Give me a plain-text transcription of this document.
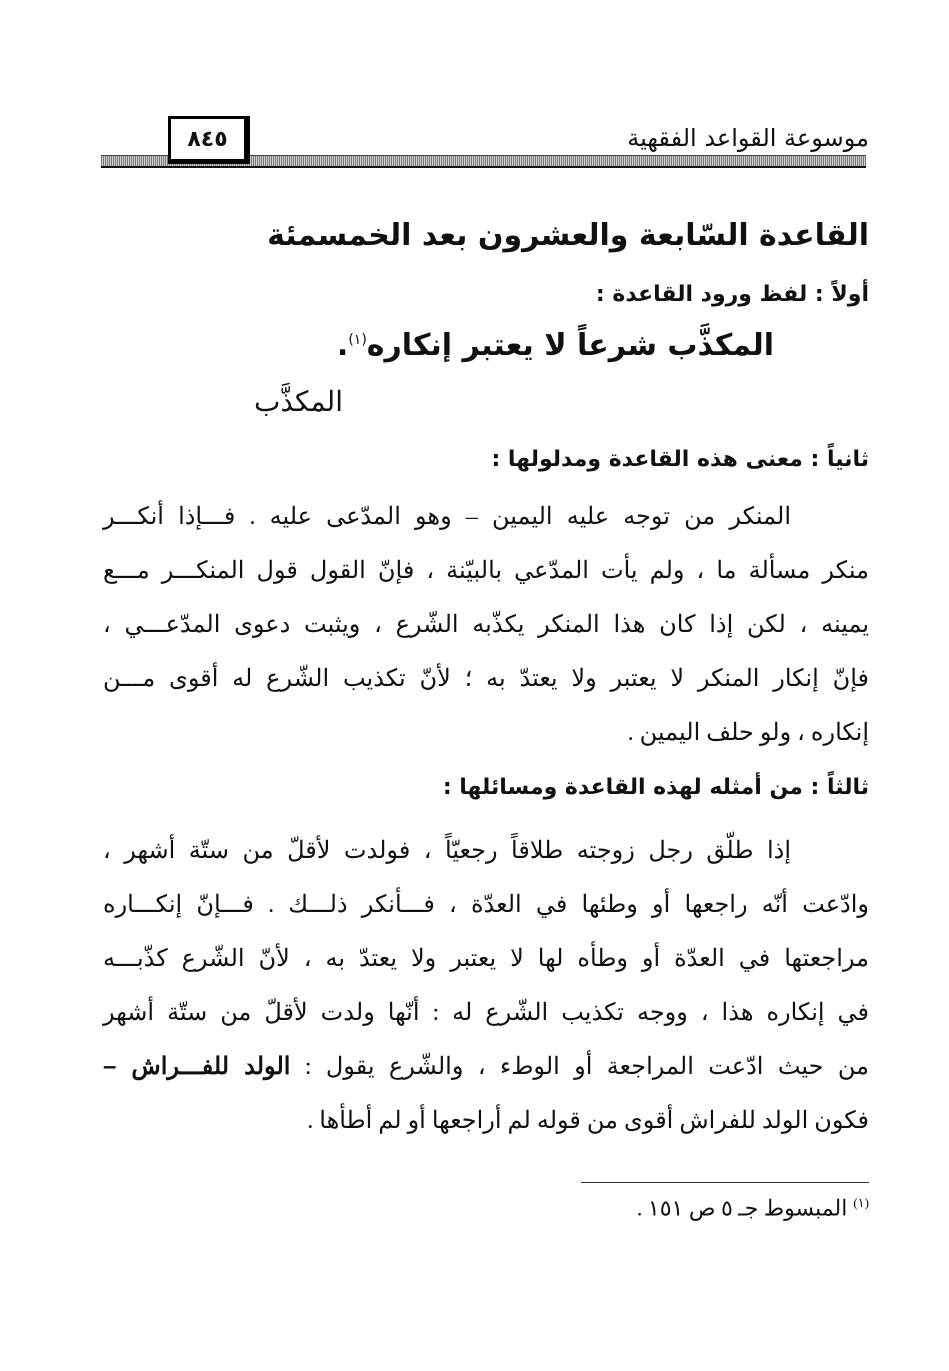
موسوعة القواعد الفقهية
٨٤٥
القاعدة السّابعة والعشرون بعد الخمسمئة
أولاً : لفظ ورود القاعدة :
المكذَّب شرعاً لا يعتبر إنكاره$^{(١)}$.
المكذَّب
ثانياً : معنى هذه القاعدة ومدلولها :
المنكر من توجه عليه اليمين – وهو المدّعى عليه . فـــإذا أنكـــر
منكر مسألة ما ، ولم يأت المدّعي بالبيّنة ، فإنّ القول قول المنكـــر مـــع
يمينه ، لكن إذا كان هذا المنكر يكذّبه الشّرع ، ويثبت دعوى المدّعـــي ،
فإنّ إنكار المنكر لا يعتبر ولا يعتدّ به ؛ لأنّ تكذيب الشّرع له أقوى مـــن
إنكاره ، ولو حلف اليمين .
ثالثاً : من أمثله لهذه القاعدة ومسائلها :
إذا طلّق رجل زوجته طلاقاً رجعيّاً ، فولدت لأقلّ من ستّة أشهر ،
وادّعت أنّه راجعها أو وطئها في العدّة ، فـــأنكر ذلـــك . فـــإنّ إنكـــاره
مراجعتها في العدّة أو وطأه لها لا يعتبر ولا يعتدّ به ، لأنّ الشّرع كذّبـــه
في إنكاره هذا ، ووجه تكذيب الشّرع له : أنّها ولدت لأقلّ من ستّة أشهر
من حيث ادّعت المراجعة أو الوطء ، والشّرع يقول : الولد للفـــراش –
فكون الولد للفراش أقوى من قوله لم أراجعها أو لم أطأها .
$^{(١)}$المبسوط جـ ٥ ص ١٥١ .
